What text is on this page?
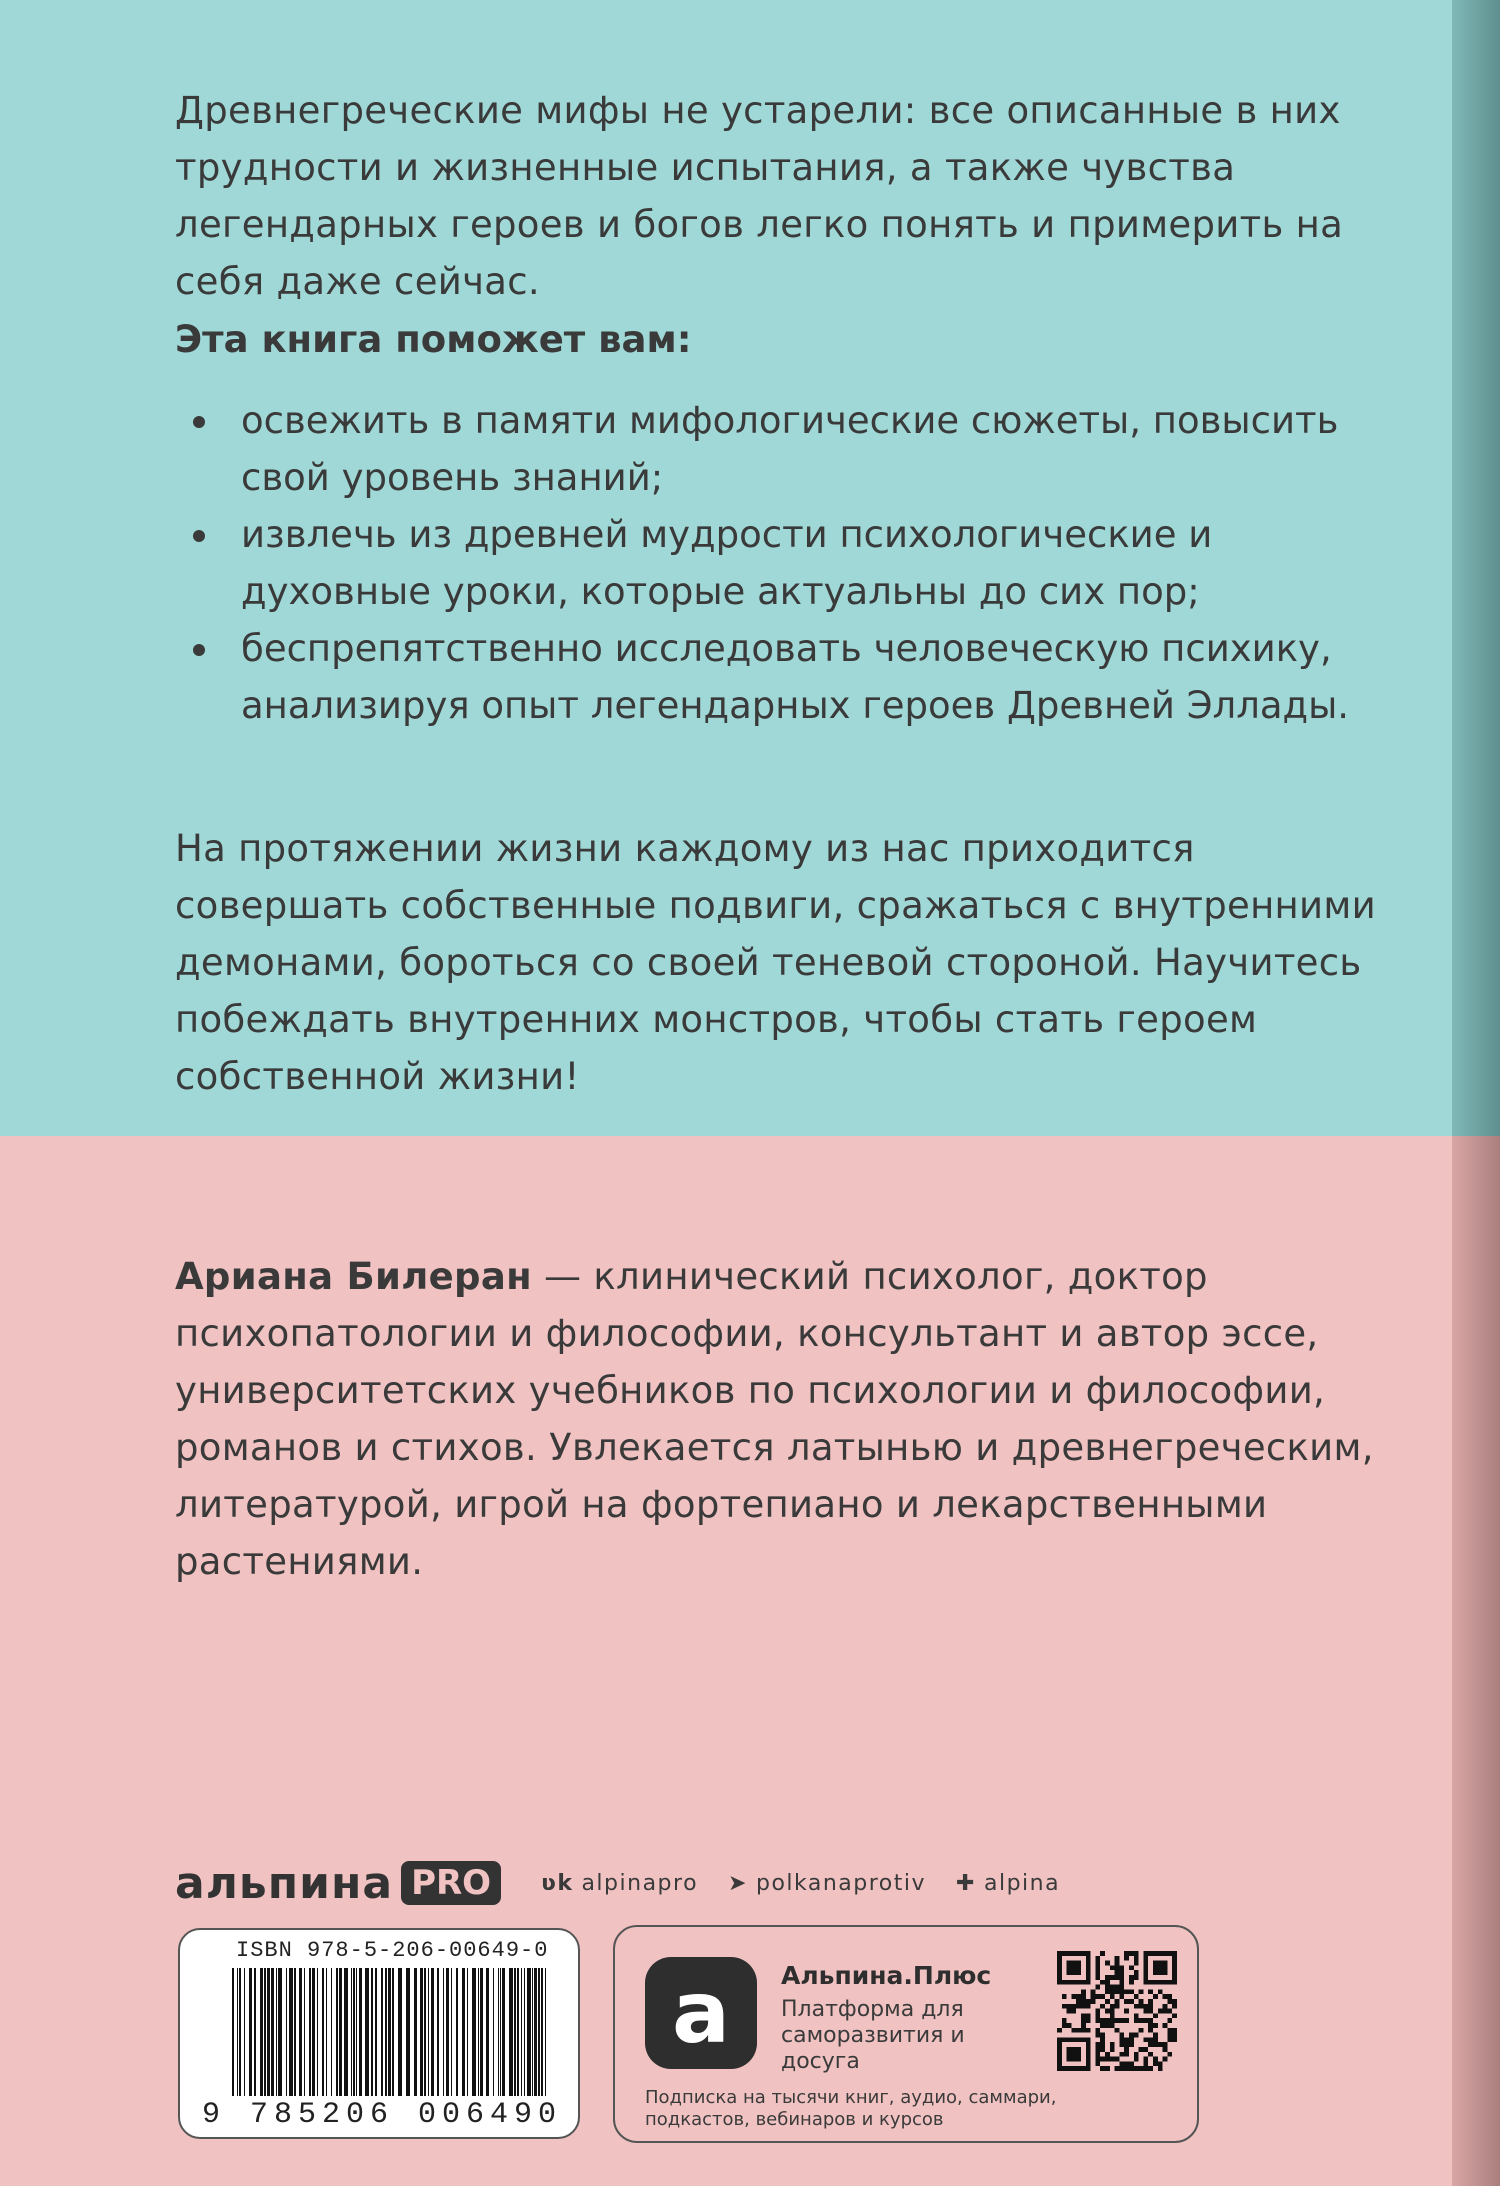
Древнегреческие мифы не устарели: все описанные в них трудности и жизненные испытания, а также чувства легендарных героев и богов легко понять и примерить на себя даже сейчас.

Эта книга поможет вам:
освежить в памяти мифологические сюжеты, повысить свой уровень знаний;
извлечь из древней мудрости психологические и духовные уроки, которые актуальны до сих пор;
беспрепятственно исследовать человеческую психику, анализируя опыт легендарных героев Древней Эллады.

На протяжении жизни каждому из нас приходится совершать собственные подвиги, сражаться с внутренними демонами, бороться со своей теневой стороной. Научитесь побеждать внутренних монстров, чтобы стать героем собственной жизни!

Ариана Билеран — клинический психолог, доктор психопатологии и философии, консультант и автор эссе, университетских учебников по психологии и философии, романов и стихов. Увлекается латынью и древнегреческим, литературой, игрой на фортепиано и лекарственными растениями.

альпина PRO	ʋk alpinapro ➤ polkanaprotiv ✚ alpina
ISBN 978-5-206-00649-0
9 785206 006490
a	Альпина.Плюс
Платформа для саморазвития и досуга
Подписка на тысячи книг, аудио, саммари, подкастов, вебинаров и курсов
